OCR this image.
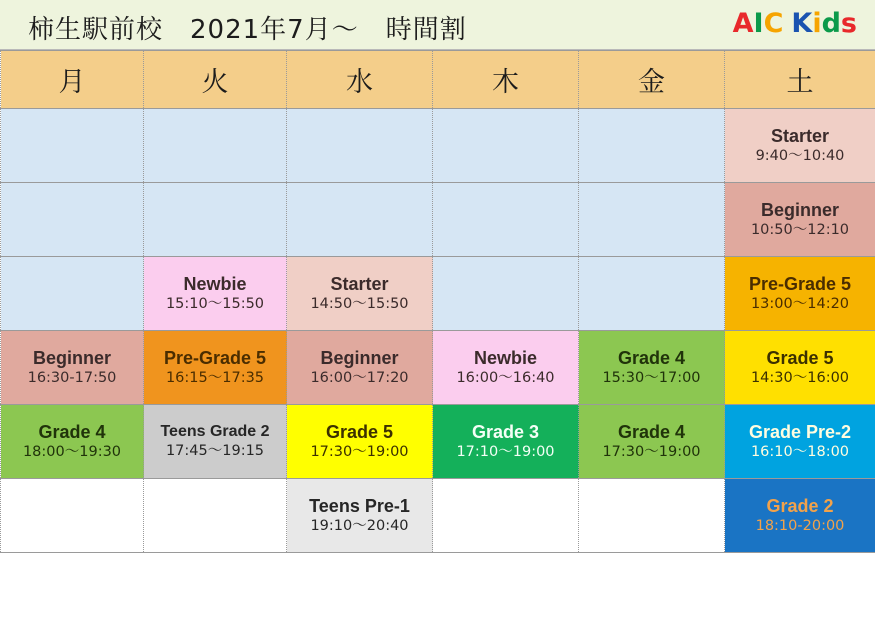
柿生駅前校　2021年7月〜　時間割	AIC Kids
月	火	水	木	金	土

					Starter
9:40〜10:40

					Beginner
10:50〜12:10

	Newbie
15:10〜15:50	Starter
14:50〜15:50			Pre-Grade 5
13:00〜14:20

Beginner
16:30-17:50	Pre-Grade 5
16:15〜17:35	Beginner
16:00〜17:20	Newbie
16:00〜16:40	Grade 4
15:30〜17:00	Grade 5
14:30〜16:00

Grade 4
18:00〜19:30	Teens Grade 2
17:45〜19:15	Grade 5
17:30〜19:00	Grade 3
17:10〜19:00	Grade 4
17:30〜19:00	Grade Pre-2
16:10〜18:00

		Teens Pre-1
19:10〜20:40			Grade 2
18:10-20:00
